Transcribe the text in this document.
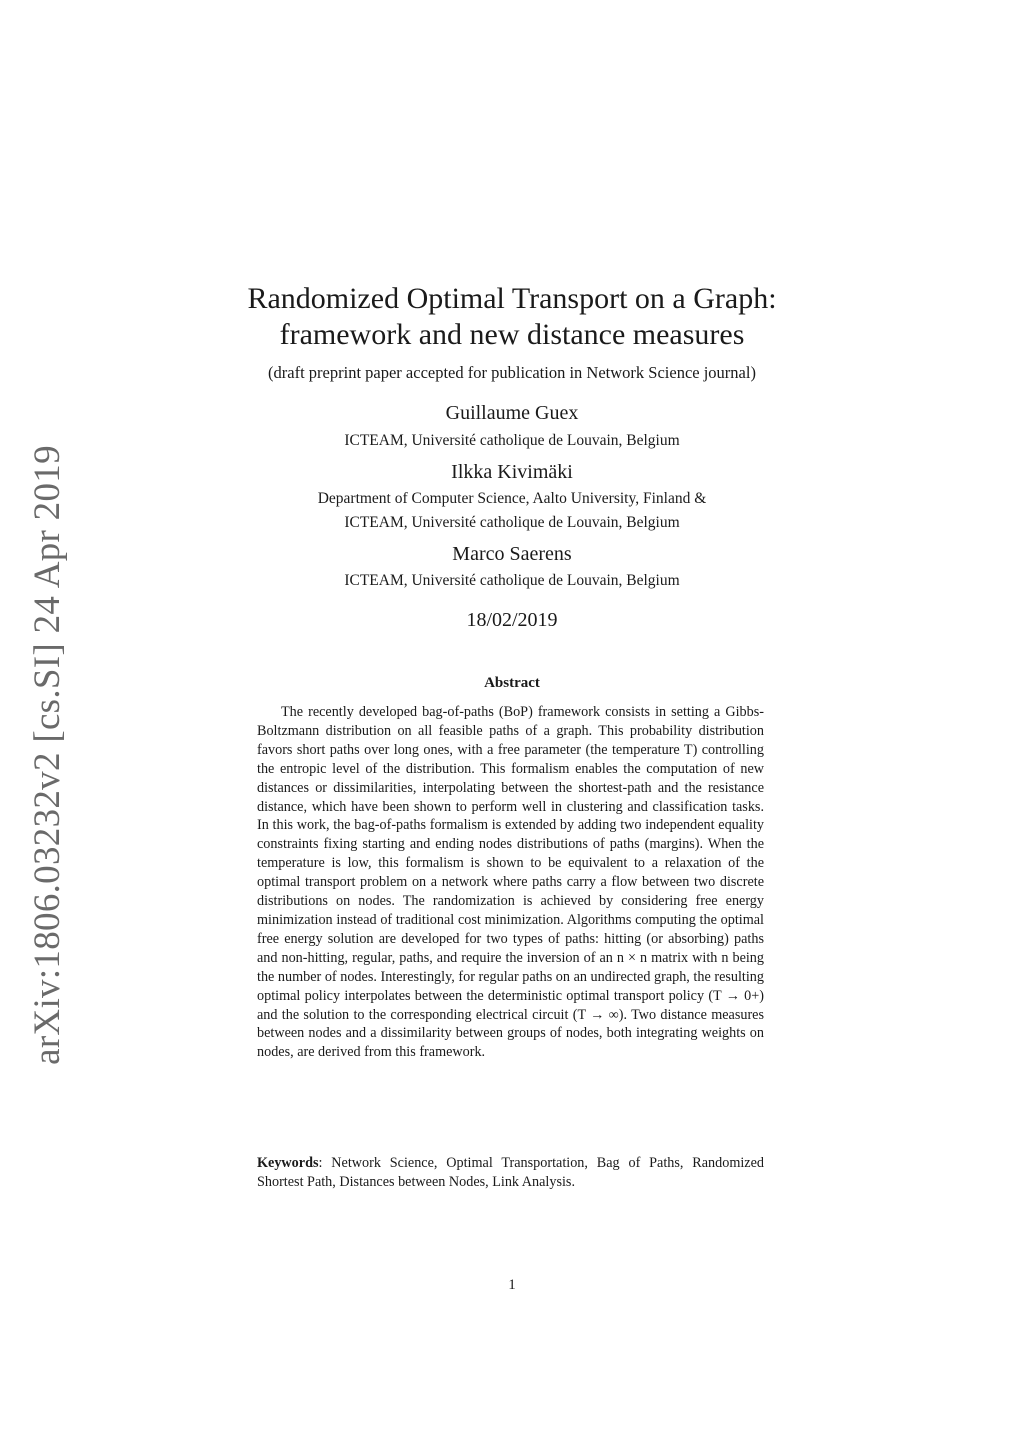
arXiv:1806.03232v2 [cs.SI] 24 Apr 2019
Randomized Optimal Transport on a Graph:
framework and new distance measures
(draft preprint paper accepted for publication in Network Science journal)
Guillaume Guex
ICTEAM, Université catholique de Louvain, Belgium
Ilkka Kivimäki
Department of Computer Science, Aalto University, Finland &
ICTEAM, Université catholique de Louvain, Belgium
Marco Saerens
ICTEAM, Université catholique de Louvain, Belgium
18/02/2019
Abstract
The recently developed bag-of-paths (BoP) framework consists in setting a Gibbs-Boltzmann distribution on all feasible paths of a graph. This probability distribution favors short paths over long ones, with a free parameter (the temperature T) controlling the entropic level of the distribution. This formalism enables the computation of new distances or dissimilarities, interpolating between the shortest-path and the resistance distance, which have been shown to perform well in clustering and classification tasks. In this work, the bag-of-paths formalism is extended by adding two independent equality constraints fixing starting and ending nodes distributions of paths (margins). When the temperature is low, this formalism is shown to be equivalent to a relaxation of the optimal transport problem on a network where paths carry a flow between two discrete distributions on nodes. The randomization is achieved by considering free energy minimization instead of traditional cost minimization. Algorithms computing the optimal free energy solution are developed for two types of paths: hitting (or absorbing) paths and non-hitting, regular, paths, and require the inversion of an n × n matrix with n being the number of nodes. Interestingly, for regular paths on an undirected graph, the resulting optimal policy interpolates between the deterministic optimal transport policy (T → 0+) and the solution to the corresponding electrical circuit (T → ∞). Two distance measures between nodes and a dissimilarity between groups of nodes, both integrating weights on nodes, are derived from this framework.
Keywords: Network Science, Optimal Transportation, Bag of Paths, Randomized Shortest Path, Distances between Nodes, Link Analysis.
1
